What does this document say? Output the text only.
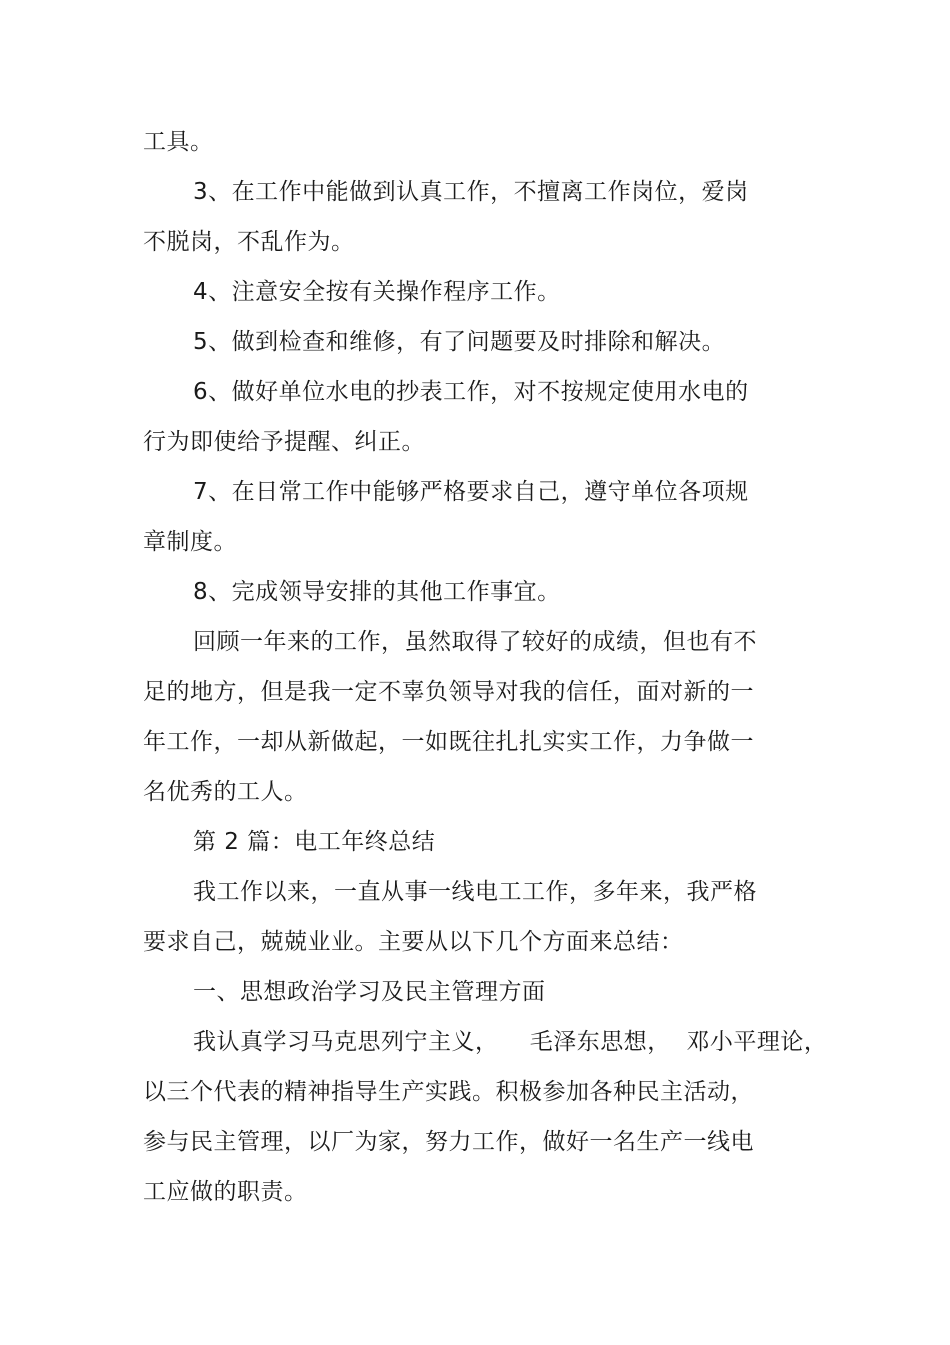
工具。

3、在工作中能做到认真工作，不擅离工作岗位，爱岗

不脱岗，不乱作为。

4、注意安全按有关操作程序工作。

5、做到检查和维修，有了问题要及时排除和解决。

6、做好单位水电的抄表工作，对不按规定使用水电的

行为即使给予提醒、纠正。

7、在日常工作中能够严格要求自己，遵守单位各项规

章制度。

8、完成领导安排的其他工作事宜。

回顾一年来的工作，虽然取得了较好的成绩，但也有不

足的地方，但是我一定不辜负领导对我的信任，面对新的一

年工作，一却从新做起，一如既往扎扎实实工作，力争做一

名优秀的工人。

第 2 篇：电工年终总结

我工作以来，一直从事一线电工工作，多年来，我严格

要求自己，兢兢业业。主要从以下几个方面来总结：

一、思想政治学习及民主管理方面

我认真学习马克思列宁主义，    毛泽东思想，  邓小平理论，

以三个代表的精神指导生产实践。积极参加各种民主活动，

参与民主管理，以厂为家，努力工作，做好一名生产一线电

工应做的职责。
